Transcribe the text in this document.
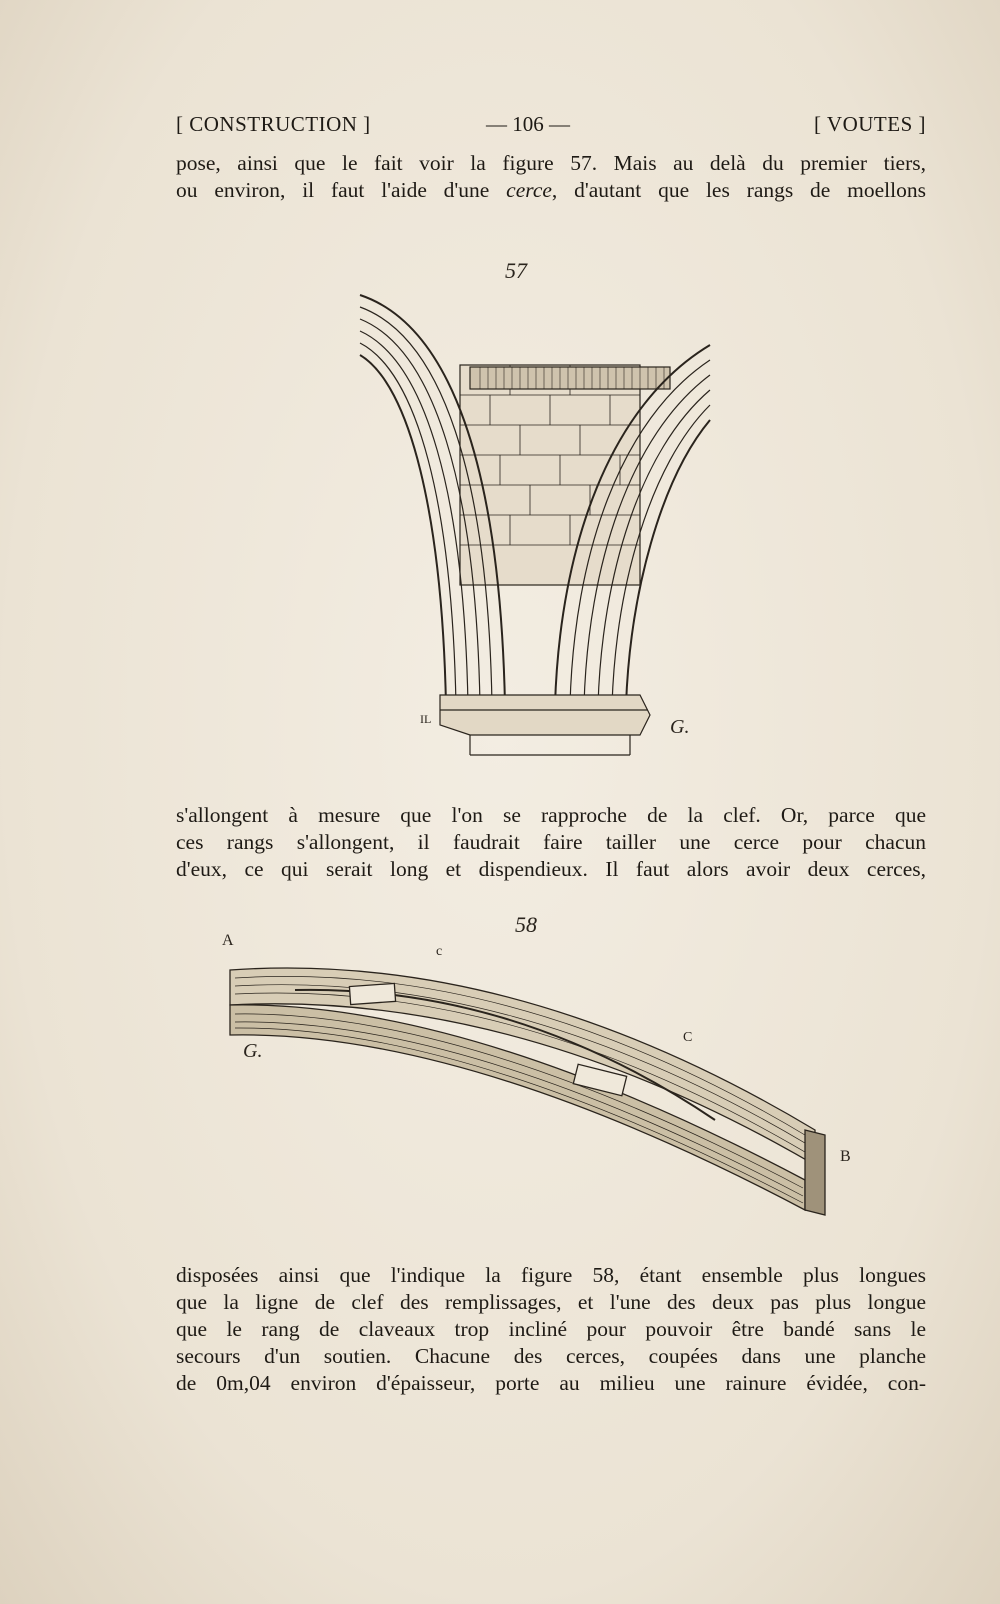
[ CONSTRUCTION ]	— 106 —	[ VOUTES ]
pose, ainsi que le fait voir la figure 57. Mais au delà du premier tiers,
ou environ, il faut l'aide d'une cerce, d'autant que les rangs de moellons
57
IL	G.
s'allongent à mesure que l'on se rapproche de la clef. Or, parce que
ces rangs s'allongent, il faudrait faire tailler une cerce pour chacun
d'eux, ce qui serait long et dispendieux. Il faut alors avoir deux cerces,
58
A
c
C
B
G.
disposées ainsi que l'indique la figure 58, étant ensemble plus longues
que la ligne de clef des remplissages, et l'une des deux pas plus longue
que le rang de claveaux trop incliné pour pouvoir être bandé sans le
secours d'un soutien. Chacune des cerces, coupées dans une planche
de 0m,04 environ d'épaisseur, porte au milieu une rainure évidée, con-
